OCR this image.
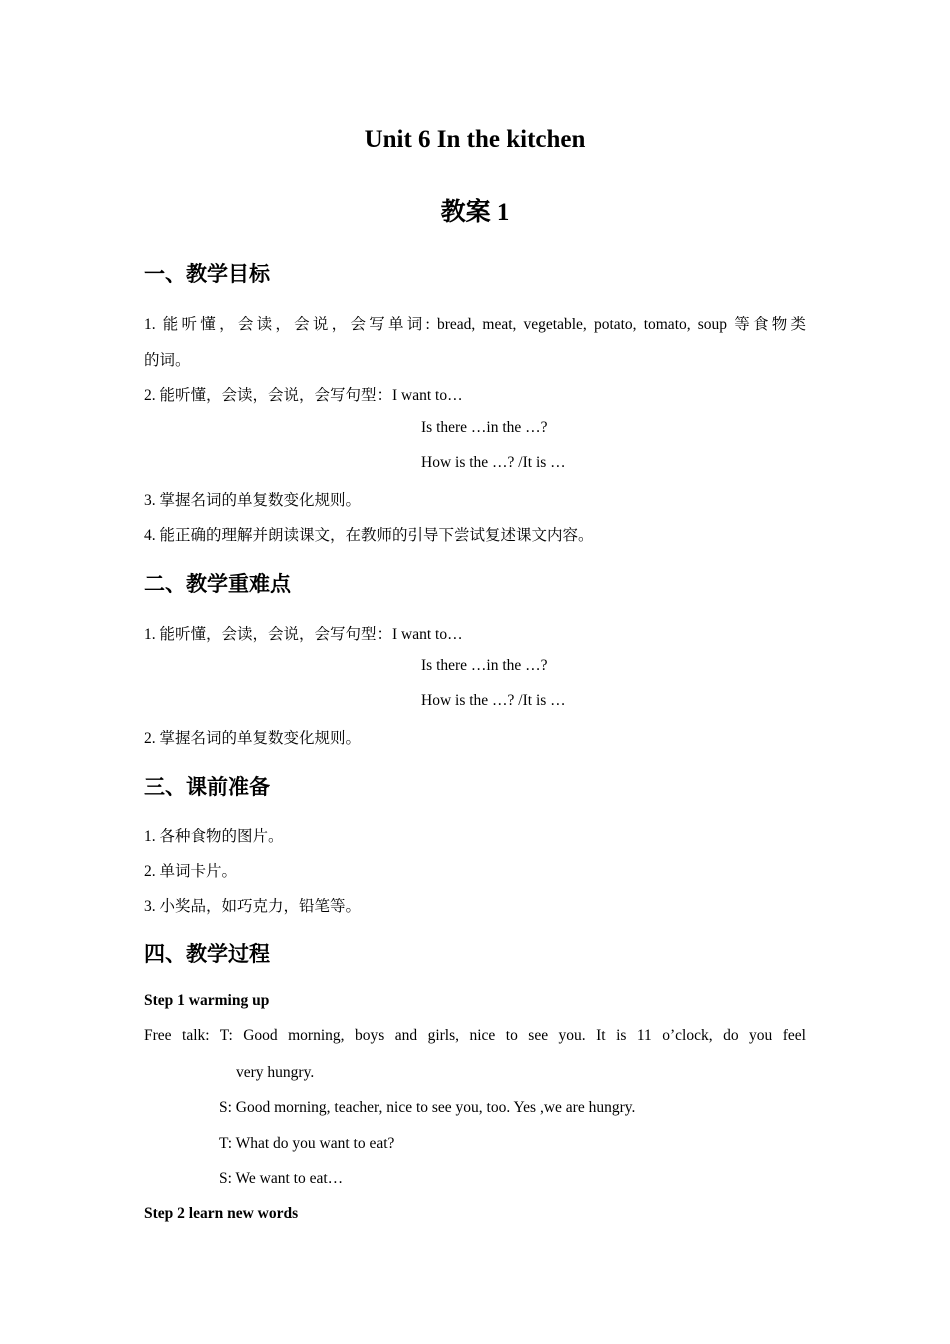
Unit 6 In the kitchen
教案 1
一、教学目标
1. 能听懂，会读，会说，会写单词: bread, meat, vegetable, potato, tomato, soup 等食物类
的词。
2. 能听懂，会读，会说，会写句型：I want to…
Is there …in the …?
How is the …? /It is …
3. 掌握名词的单复数变化规则。
4. 能正确的理解并朗读课文，在教师的引导下尝试复述课文内容。
二、教学重难点
1. 能听懂，会读，会说，会写句型：I want to…
Is there …in the …?
How is the …? /It is …
2. 掌握名词的单复数变化规则。
三、课前准备
1. 各种食物的图片。
2. 单词卡片。
3. 小奖品，如巧克力，铅笔等。
四、教学过程
Step 1 warming up
Free talk: T: Good morning, boys and girls, nice to see you. It is 11 o’clock, do you feel
very hungry.
S: Good morning, teacher, nice to see you, too. Yes ,we are hungry.
T: What do you want to eat?
S: We want to eat…
Step 2 learn new words
